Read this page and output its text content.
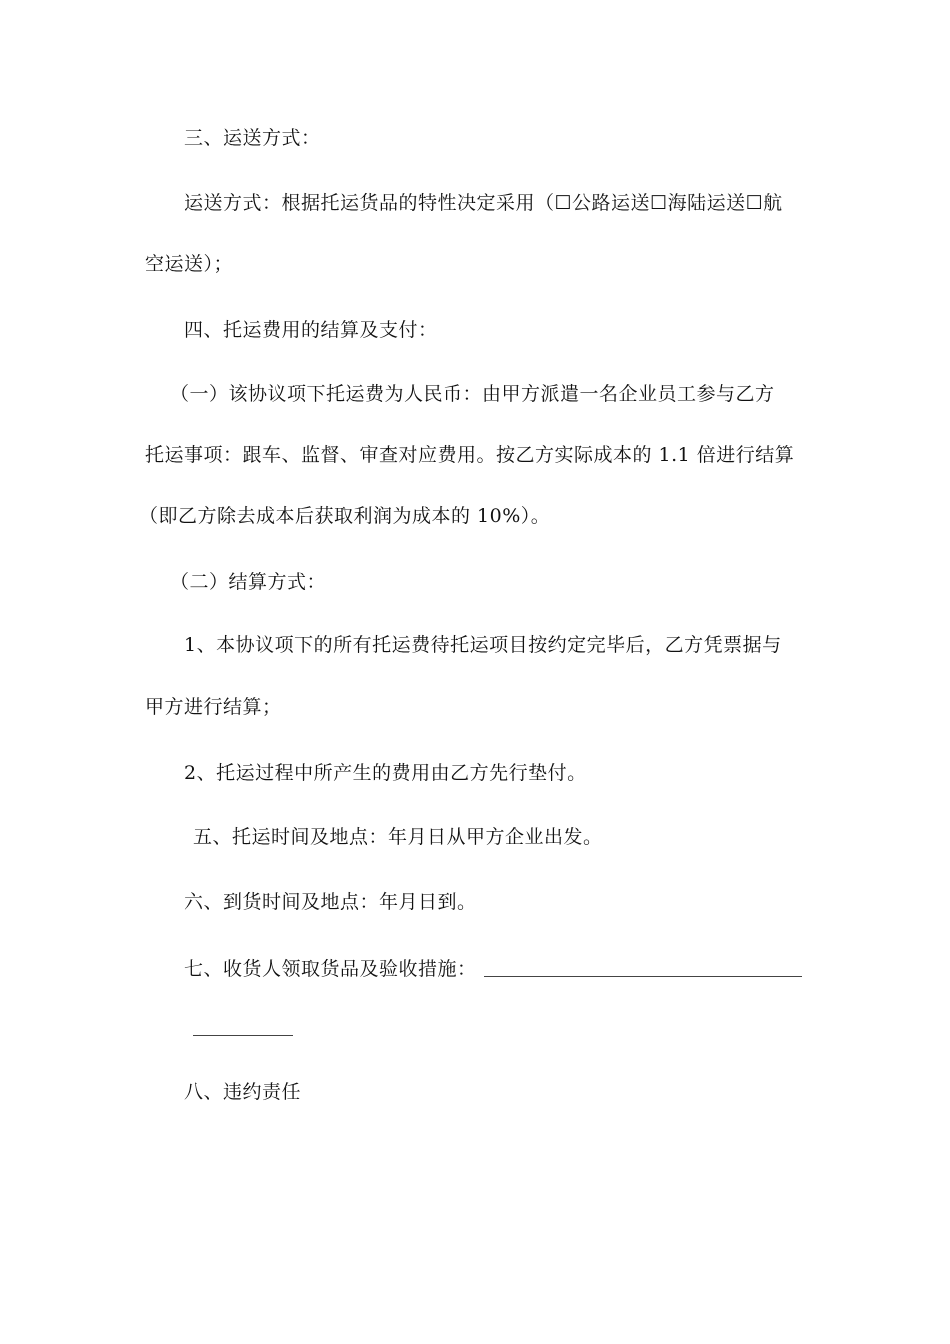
三、运送方式：
运送方式：根据托运货品的特性决定采用（☐公路运送☐海陆运送☐航
空运送）；
四、托运费用的结算及支付：
（一）该协议项下托运费为人民币：由甲方派遣一名企业员工参与乙方
托运事项：跟车、监督、审查对应费用。按乙方实际成本的 1.1 倍进行结算
（即乙方除去成本后获取利润为成本的 10%）。
（二）结算方式：
1、本协议项下的所有托运费待托运项目按约定完毕后，乙方凭票据与
甲方进行结算；
2、托运过程中所产生的费用由乙方先行垫付。
五、托运时间及地点：年月日从甲方企业出发。
六、到货时间及地点：年月日到。
七、收货人领取货品及验收措施：
八、违约责任
